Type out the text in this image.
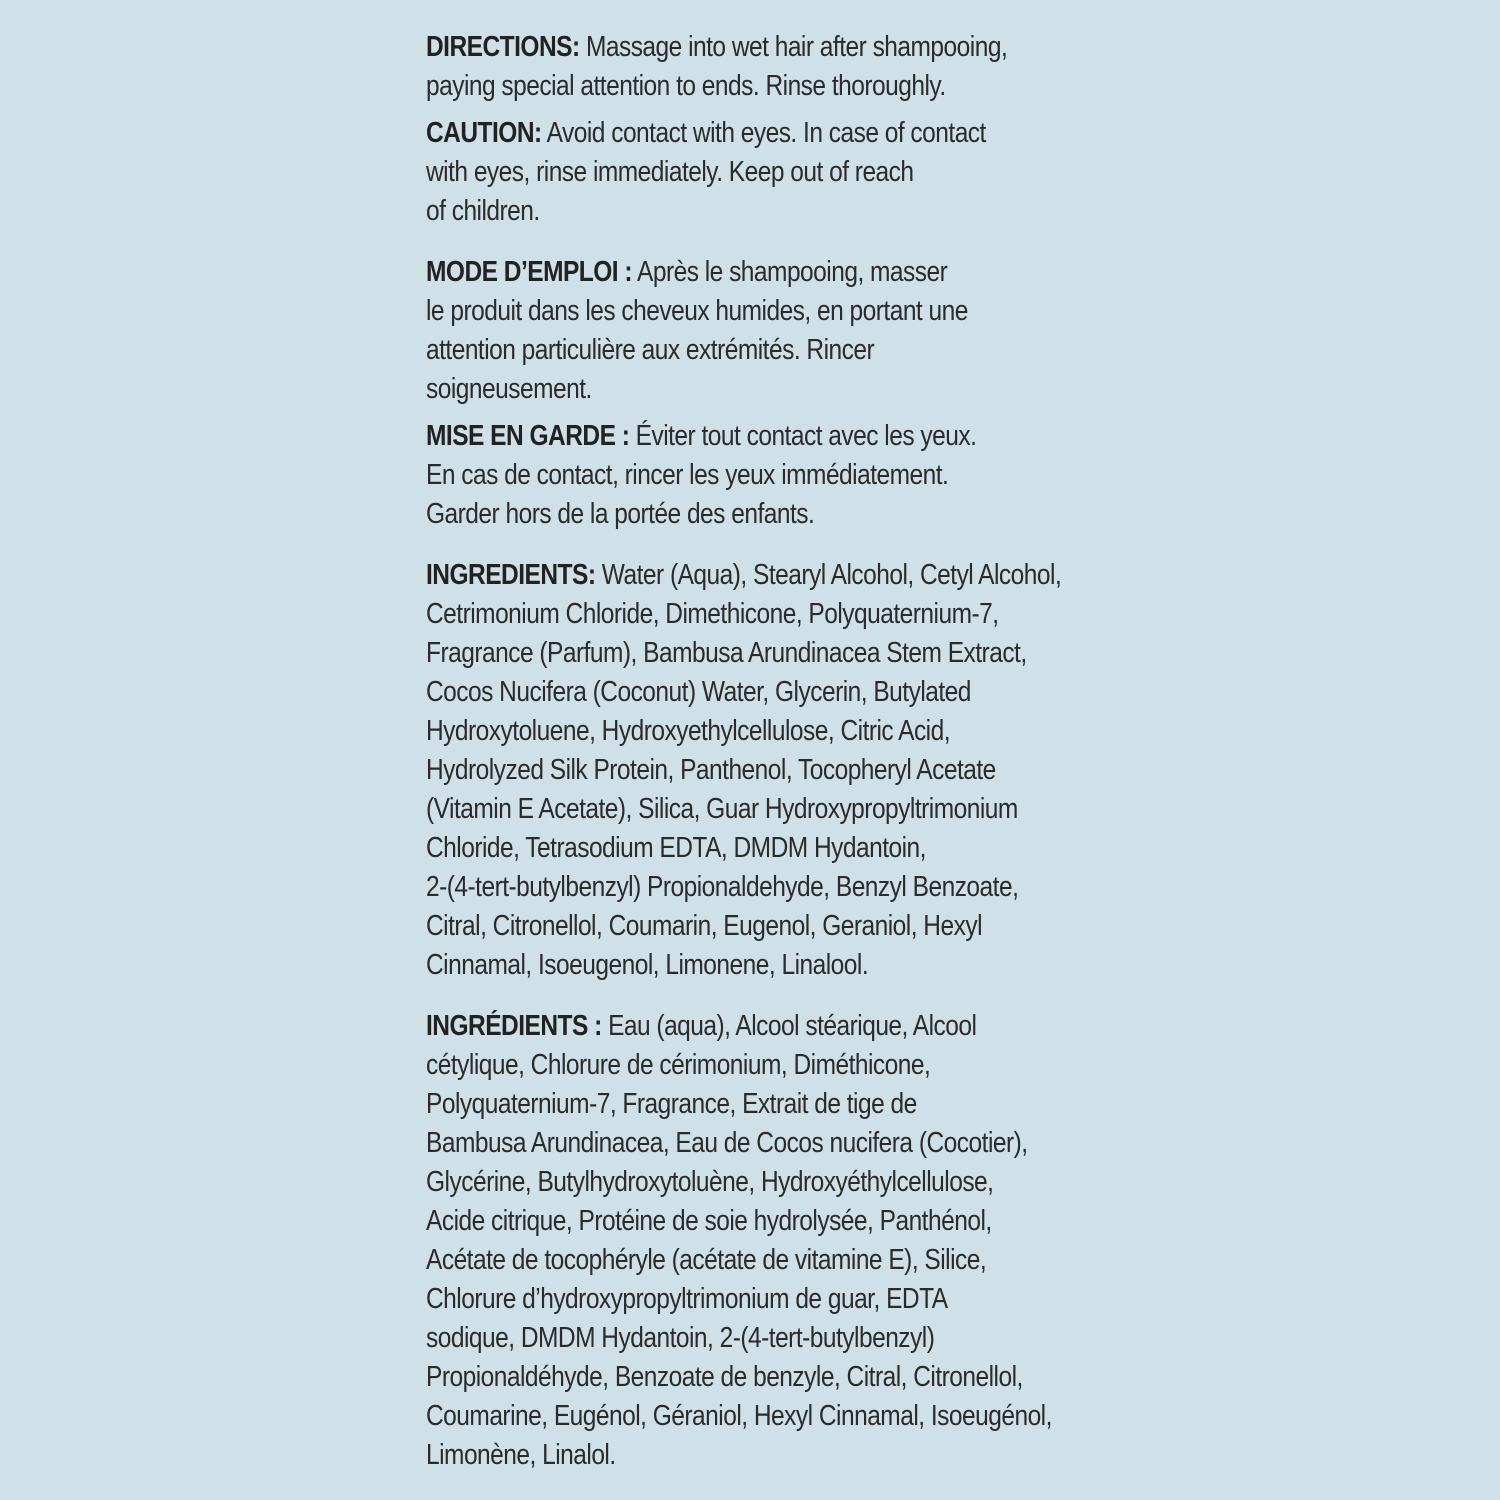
DIRECTIONS: Massage into wet hair after shampooing,
paying special attention to ends. Rinse thoroughly.
CAUTION: Avoid contact with eyes. In case of contact
with eyes, rinse immediately. Keep out of reach
of children.
MODE D’EMPLOI : Après le shampooing, masser
le produit dans les cheveux humides, en portant une
attention particulière aux extrémités. Rincer
soigneusement.
MISE EN GARDE : Éviter tout contact avec les yeux.
En cas de contact, rincer les yeux immédiatement.
Garder hors de la portée des enfants.
INGREDIENTS: Water (Aqua), Stearyl Alcohol, Cetyl Alcohol,
Cetrimonium Chloride, Dimethicone, Polyquaternium-7,
Fragrance (Parfum), Bambusa Arundinacea Stem Extract,
Cocos Nucifera (Coconut) Water, Glycerin, Butylated
Hydroxytoluene, Hydroxyethylcellulose, Citric Acid,
Hydrolyzed Silk Protein, Panthenol, Tocopheryl Acetate
(Vitamin E Acetate), Silica, Guar Hydroxypropyltrimonium
Chloride, Tetrasodium EDTA, DMDM Hydantoin,
2-(4-tert-butylbenzyl) Propionaldehyde, Benzyl Benzoate,
Citral, Citronellol, Coumarin, Eugenol, Geraniol, Hexyl
Cinnamal, Isoeugenol, Limonene, Linalool.
INGRÉDIENTS : Eau (aqua), Alcool stéarique, Alcool
cétylique, Chlorure de cérimonium, Diméthicone,
Polyquaternium-7, Fragrance, Extrait de tige de
Bambusa Arundinacea, Eau de Cocos nucifera (Cocotier),
Glycérine, Butylhydroxytoluène, Hydroxyéthylcellulose,
Acide citrique, Protéine de soie hydrolysée, Panthénol,
Acétate de tocophéryle (acétate de vitamine E), Silice,
Chlorure d’hydroxypropyltrimonium de guar, EDTA
sodique, DMDM Hydantoin, 2-(4-tert-butylbenzyl)
Propionaldéhyde, Benzoate de benzyle, Citral, Citronellol,
Coumarine, Eugénol, Géraniol, Hexyl Cinnamal, Isoeugénol,
Limonène, Linalol.
